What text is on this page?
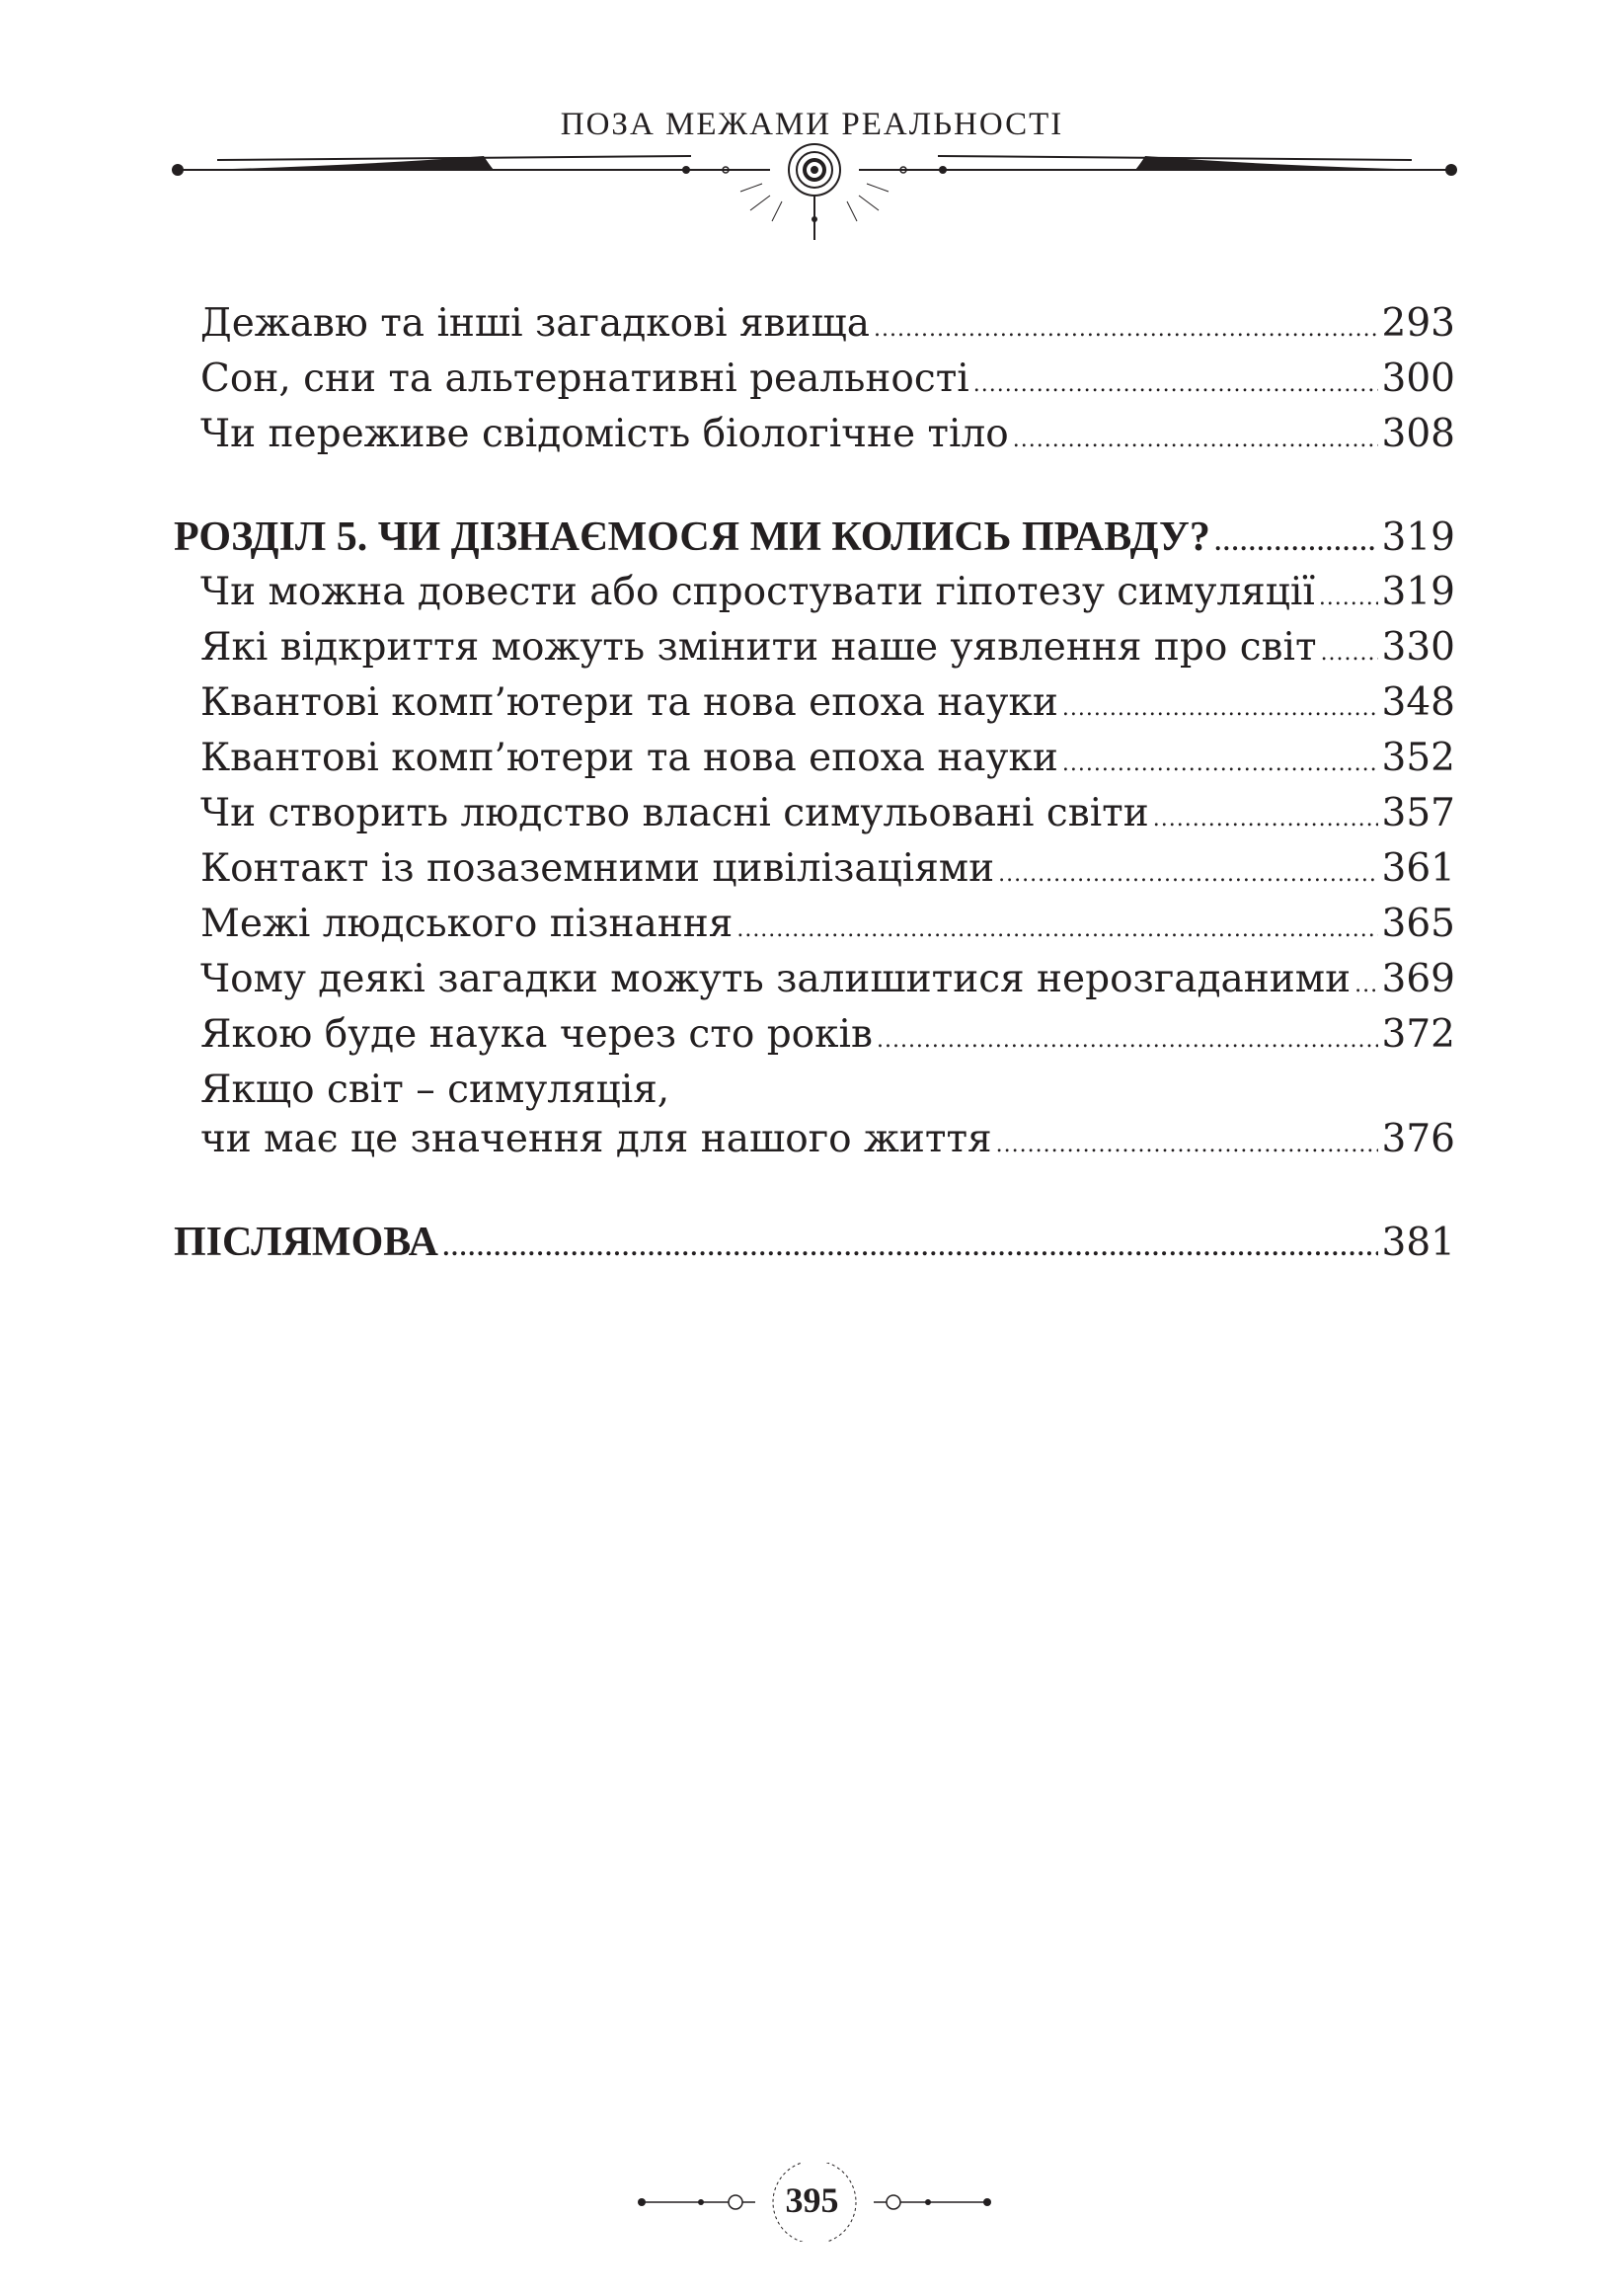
ПОЗА МЕЖАМИ РЕАЛЬНОСТІ
Дежавю та інші загадкові явища .....	293
Сон, сни та альтернативні реальності .....	300
Чи переживе свідомість біологічне тіло .....	308
РОЗДІЛ 5. ЧИ ДІЗНАЄМОСЯ МИ КОЛИСЬ ПРАВДУ? .....	319
Чи можна довести або спростувати гіпотезу симуляції ..... 319
Які відкриття можуть змінити наше уявлення про світ ..... 330
Квантові комп’ютери та нова епоха науки .....	348
Квантові комп’ютери та нова епоха науки .....	352
Чи створить людство власні симульовані світи .....	357
Контакт із позаземними цивілізаціями .....	361
Межі людського пізнання .....	365
Чому деякі загадки можуть залишитися нерозгаданими ..... 369
Якою буде наука через сто років .....	372
Якщо світ – симуляція,
чи має це значення для нашого життя .....	376
ПІСЛЯМОВА .....	381
395
